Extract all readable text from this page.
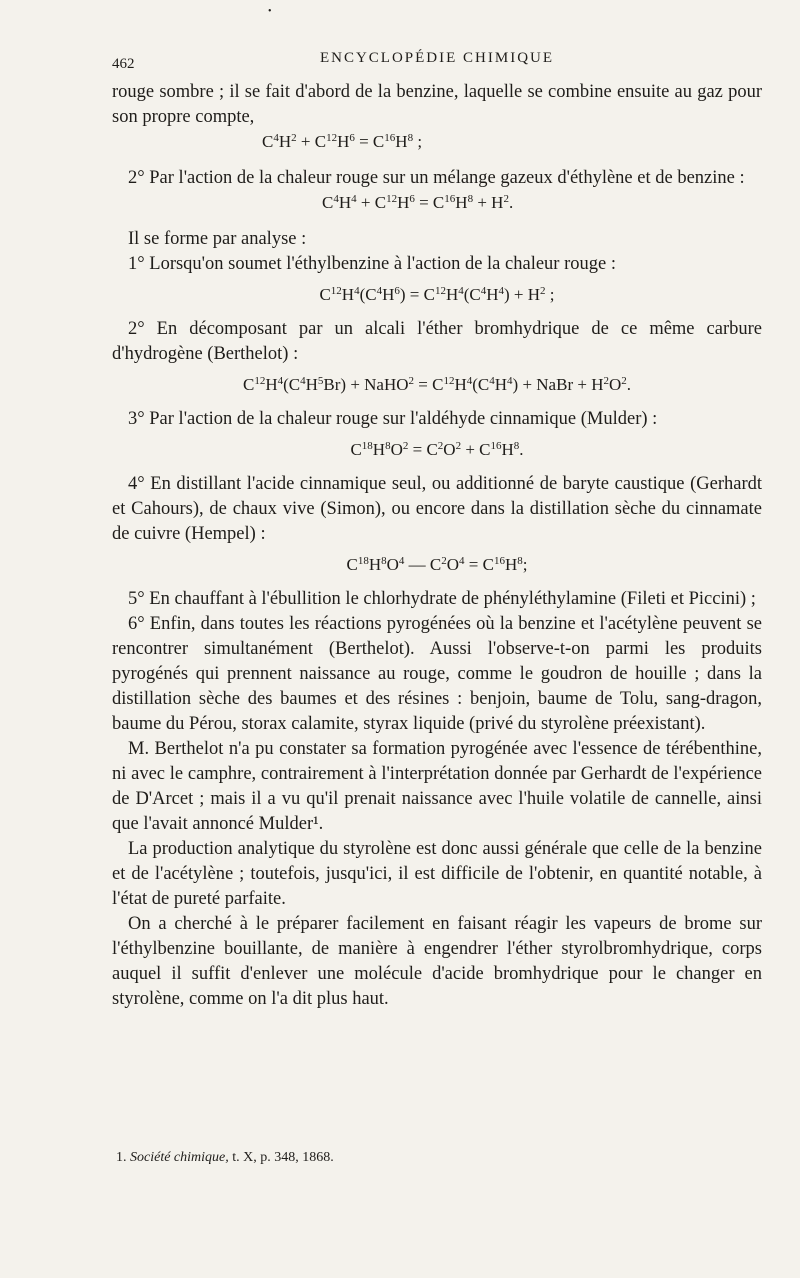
•
462	ENCYCLOPÉDIE CHIMIQUE

rouge sombre ; il se fait d'abord de la benzine, laquelle se combine ensuite au gaz pour son propre compte,

$C^4H^2 + C^{12}H^6 = C^{16}H^8$ ;

2° Par l'action de la chaleur rouge sur un mélange gazeux d'éthylène et de benzine :

$C^4H^4 + C^{12}H^6 = C^{16}H^8 + H^2$.

Il se forme par analyse :

1° Lorsqu'on soumet l'éthylbenzine à l'action de la chaleur rouge :

$C^{12}H^4(C^4H^6) = C^{12}H^4(C^4H^4) + H^2$ ;

2° En décomposant par un alcali l'éther bromhydrique de ce même carbure d'hydrogène (Berthelot) :

$C^{12}H^4(C^4H^5Br)$ + NaHO$^2$ = $C^{12}H^4(C^4H^4)$ + NaBr + $H^2O^2$.

3° Par l'action de la chaleur rouge sur l'aldéhyde cinnamique (Mulder) :

$C^{18}H^8O^2 = C^2O^2 + C^{16}H^8$.

4° En distillant l'acide cinnamique seul, ou additionné de baryte caustique (Gerhardt et Cahours), de chaux vive (Simon), ou encore dans la distillation sèche du cinnamate de cuivre (Hempel) :

$C^{18}H^8O^4$ — $C^2O^4 = C^{16}H^8$;

5° En chauffant à l'ébullition le chlorhydrate de phényléthylamine (Fileti et Piccini) ;

6° Enfin, dans toutes les réactions pyrogénées où la benzine et l'acétylène peuvent se rencontrer simultanément (Berthelot). Aussi l'observe-t-on parmi les produits pyrogénés qui prennent naissance au rouge, comme le goudron de houille ; dans la distillation sèche des baumes et des résines : benjoin, baume de Tolu, sang-dragon, baume du Pérou, storax calamite, styrax liquide (privé du styrolène préexistant).

M. Berthelot n'a pu constater sa formation pyrogénée avec l'essence de térébenthine, ni avec le camphre, contrairement à l'interprétation donnée par Gerhardt de l'expérience de D'Arcet ; mais il a vu qu'il prenait naissance avec l'huile volatile de cannelle, ainsi que l'avait annoncé Mulder¹.

La production analytique du styrolène est donc aussi générale que celle de la benzine et de l'acétylène ; toutefois, jusqu'ici, il est difficile de l'obtenir, en quantité notable, à l'état de pureté parfaite.

On a cherché à le préparer facilement en faisant réagir les vapeurs de brome sur l'éthylbenzine bouillante, de manière à engendrer l'éther styrolbromhydrique, corps auquel il suffit d'enlever une molécule d'acide bromhydrique pour le changer en styrolène, comme on l'a dit plus haut.

1. Société chimique, t. X, p. 348, 1868.
